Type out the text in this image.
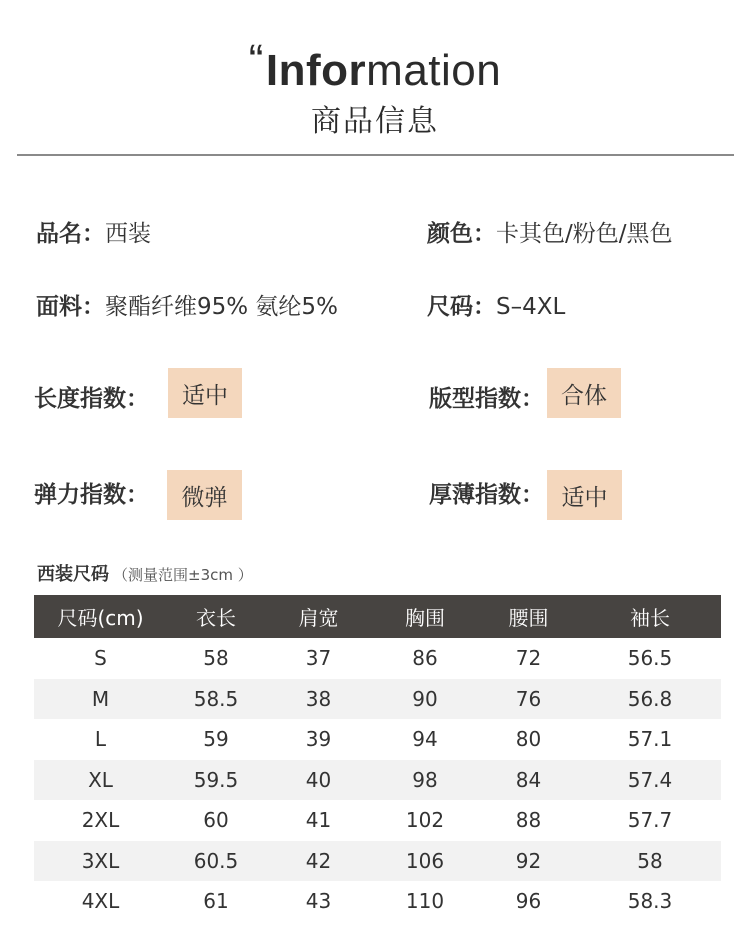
“Information
商品信息
品名：西装	颜色：卡其色/粉色/黑色
面料：聚酯纤维95% 氨纶5%	尺码：S–4XL
长度指数：	适中	版型指数： 合体
弹力指数：	微弹	厚薄指数： 适中
西装尺码 （测量范围±3cm ）
尺码(cm)	衣长	肩宽	胸围	腰围	袖长
S	58	37	86	72	56.5
M	58.5	38	90	76	56.8
L	59	39	94	80	57.1
XL	59.5	40	98	84	57.4
2XL	60	41	102	88	57.7
3XL	60.5	42	106	92	58
4XL	61	43	110	96	58.3
